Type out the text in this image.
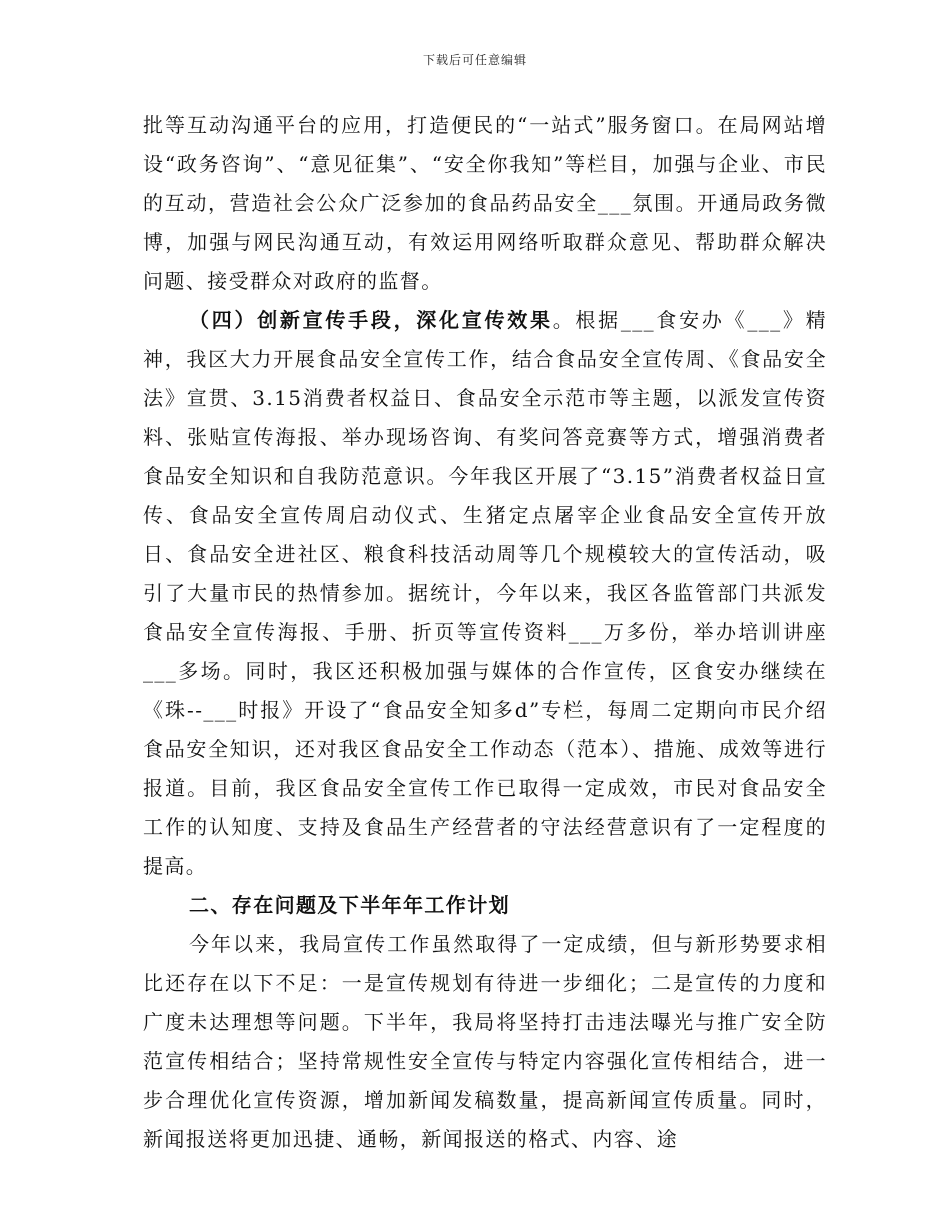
下载后可任意编辑

批等互动沟通平台的应用，打造便民的“一站式”服务窗口。在局网站增设“政务咨询”、“意见征集”、“安全你我知”等栏目，加强与企业、市民的互动，营造社会公众广泛参加的食品药品安全___氛围。开通局政务微博，加强与网民沟通互动，有效运用网络听取群众意见、帮助群众解决问题、接受群众对政府的监督。

（四）创新宣传手段，深化宣传效果。根据___食安办《___》精神，我区大力开展食品安全宣传工作，结合食品安全宣传周、《食品安全法》宣贯、3.15消费者权益日、食品安全示范市等主题，以派发宣传资料、张贴宣传海报、举办现场咨询、有奖问答竞赛等方式，增强消费者食品安全知识和自我防范意识。今年我区开展了“3.15”消费者权益日宣传、食品安全宣传周启动仪式、生猪定点屠宰企业食品安全宣传开放日、食品安全进社区、粮食科技活动周等几个规模较大的宣传活动，吸引了大量市民的热情参加。据统计，今年以来，我区各监管部门共派发食品安全宣传海报、手册、折页等宣传资料___万多份，举办培训讲座___多场。同时，我区还积极加强与媒体的合作宣传，区食安办继续在《珠--___时报》开设了“食品安全知多d”专栏，每周二定期向市民介绍食品安全知识，还对我区食品安全工作动态（范本）、措施、成效等进行报道。目前，我区食品安全宣传工作已取得一定成效，市民对食品安全工作的认知度、支持及食品生产经营者的守法经营意识有了一定程度的提高。

二、存在问题及下半年年工作计划

今年以来，我局宣传工作虽然取得了一定成绩，但与新形势要求相比还存在以下不足：一是宣传规划有待进一步细化；二是宣传的力度和广度未达理想等问题。下半年，我局将坚持打击违法曝光与推广安全防范宣传相结合；坚持常规性安全宣传与特定内容强化宣传相结合，进一步合理优化宣传资源，增加新闻发稿数量，提高新闻宣传质量。同时，新闻报送将更加迅捷、通畅，新闻报送的格式、内容、途
